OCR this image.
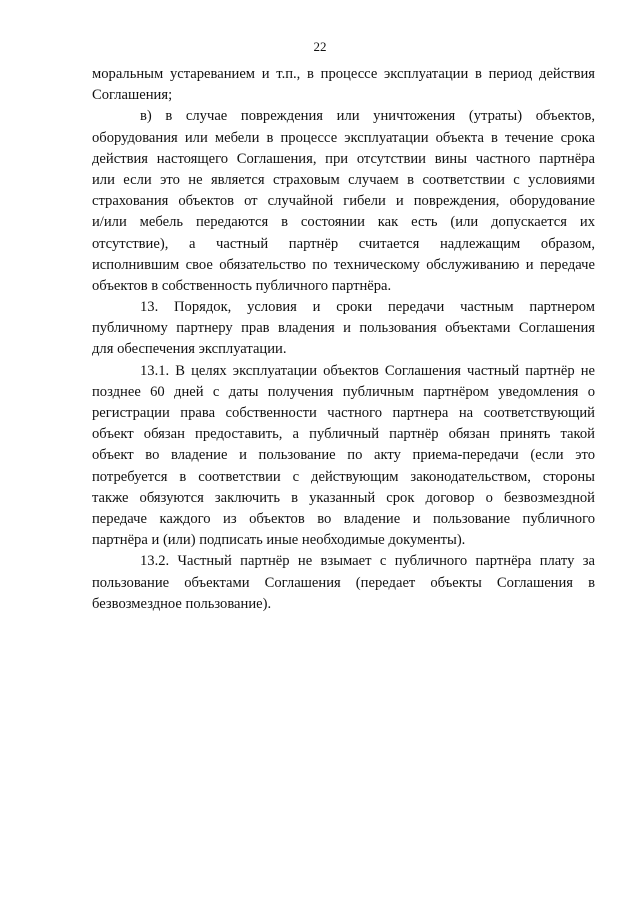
22
моральным устареванием и т.п., в процессе эксплуатации в период действия
Соглашения;
в) в случае повреждения или уничтожения (утраты) объектов,
оборудования или мебели в процессе эксплуатации объекта в течение срока
действия настоящего Соглашения, при отсутствии вины частного партнёра
или если это не является страховым случаем в соответствии с условиями
страхования объектов от случайной гибели и повреждения, оборудование
и/или мебель передаются в состоянии как есть (или допускается их
отсутствие), а частный партнёр считается надлежащим образом,
исполнившим свое обязательство по техническому обслуживанию и передаче
объектов в собственность публичного партнёра.
13. Порядок, условия и сроки передачи частным партнером
публичному партнеру прав владения и пользования объектами Соглашения
для обеспечения эксплуатации.
13.1. В целях эксплуатации объектов Соглашения частный партнёр не
позднее 60 дней с даты получения публичным партнёром уведомления о
регистрации права собственности частного партнера на соответствующий
объект обязан предоставить, а публичный партнёр обязан принять такой
объект во владение и пользование по акту приема-передачи (если это
потребуется в соответствии с действующим законодательством, стороны
также обязуются заключить в указанный срок договор о безвозмездной
передаче каждого из объектов во владение и пользование публичного
партнёра и (или) подписать иные необходимые документы).
13.2. Частный партнёр не взымает с публичного партнёра плату за
пользование объектами Соглашения (передает объекты Соглашения в
безвозмездное пользование).
